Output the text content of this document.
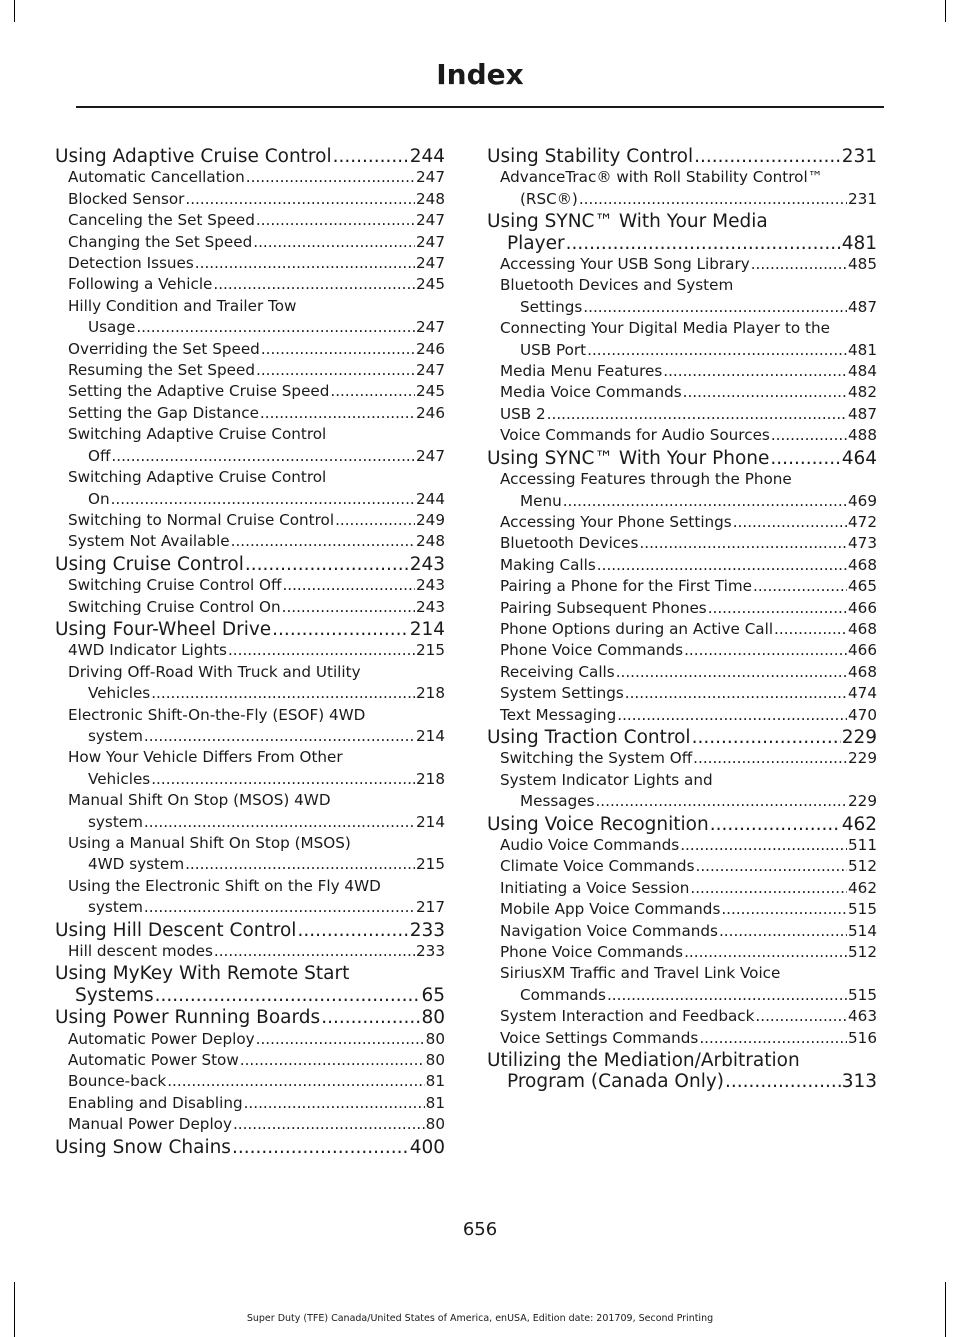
Index
Using Adaptive Cruise Control .....	244
Automatic Cancellation .....	247
Blocked Sensor .....	248
Canceling the Set Speed .....	247
Changing the Set Speed .....	247
Detection Issues .....	247
Following a Vehicle .....	245
Hilly Condition and Trailer Tow
Usage .....	247
Overriding the Set Speed .....	246
Resuming the Set Speed .....	247
Setting the Adaptive Cruise Speed .....	245
Setting the Gap Distance .....	246
Switching Adaptive Cruise Control
Off .....	247
Switching Adaptive Cruise Control
On .....	244
Switching to Normal Cruise Control .....	249
System Not Available .....	248
Using Cruise Control .....	243
Switching Cruise Control Off .....	243
Switching Cruise Control On .....	243
Using Four-Wheel Drive .....	214
4WD Indicator Lights .....	215
Driving Off-Road With Truck and Utility
Vehicles .....	218
Electronic Shift-On-the-Fly (ESOF) 4WD
system .....	214
How Your Vehicle Differs From Other
Vehicles .....	218
Manual Shift On Stop (MSOS) 4WD
system .....	214
Using a Manual Shift On Stop (MSOS)
4WD system .....	215
Using the Electronic Shift on the Fly 4WD
system .....	217
Using Hill Descent Control .....	233
Hill descent modes .....	233
Using MyKey With Remote Start
Systems .....	65
Using Power Running Boards .....	80
Automatic Power Deploy .....	80
Automatic Power Stow .....	80
Bounce-back .....	81
Enabling and Disabling .....	81
Manual Power Deploy .....	80
Using Snow Chains .....	400
Using Stability Control .....	231
AdvanceTrac® with Roll Stability Control™
(RSC®) .....	231
Using SYNC™ With Your Media
Player .....	481
Accessing Your USB Song Library .....	485
Bluetooth Devices and System
Settings .....	487
Connecting Your Digital Media Player to the
USB Port .....	481
Media Menu Features .....	484
Media Voice Commands .....	482
USB 2 .....	487
Voice Commands for Audio Sources .....	488
Using SYNC™ With Your Phone .....	464
Accessing Features through the Phone
Menu .....	469
Accessing Your Phone Settings .....	472
Bluetooth Devices .....	473
Making Calls .....	468
Pairing a Phone for the First Time .....	465
Pairing Subsequent Phones .....	466
Phone Options during an Active Call .....	468
Phone Voice Commands .....	466
Receiving Calls .....	468
System Settings .....	474
Text Messaging .....	470
Using Traction Control .....	229
Switching the System Off .....	229
System Indicator Lights and
Messages .....	229
Using Voice Recognition .....	462
Audio Voice Commands .....	511
Climate Voice Commands .....	512
Initiating a Voice Session .....	462
Mobile App Voice Commands .....	515
Navigation Voice Commands .....	514
Phone Voice Commands .....	512
SiriusXM Traffic and Travel Link Voice
Commands .....	515
System Interaction and Feedback .....	463
Voice Settings Commands .....	516
Utilizing the Mediation/Arbitration
Program (Canada Only) .....	313
656
Super Duty (TFE) Canada/United States of America, enUSA, Edition date: 201709, Second Printing
